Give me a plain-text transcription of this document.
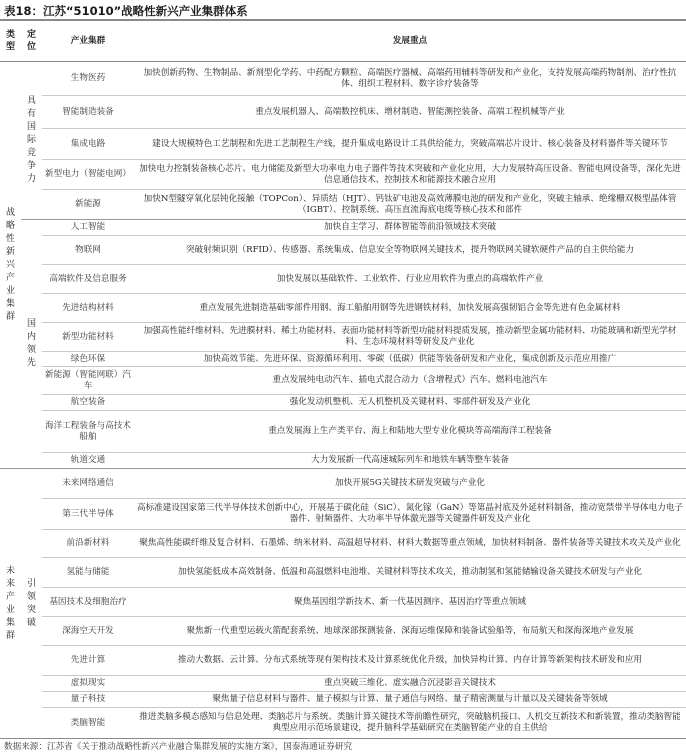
表18：江苏“51010”战略性新兴产业集群体系
类型	定位	产业集群	发展重点
战略性新兴产业集群	具有国际竞争力	生物医药	加快创新药物、生物制品、新剂型化学药、中药配方颗粒、高端医疗器械、高端药用辅料等研发和产业化，支持发展高端药物制剂、治疗性抗体、组织工程材料、数字诊疗装备等
		智能制造装备	重点发展机器人、高端数控机床、增材制造、智能测控装备、高端工程机械等产业
		集成电路	建设大规模特色工艺制程和先进工艺制程生产线，提升集成电路设计工具供给能力，突破高端芯片设计、核心装备及材料器件等关键环节
		新型电力（智能电网）	加快电力控制装备核心芯片、电力储能及新型大功率电力电子器件等技术突破和产业化应用，大力发展特高压设备、智能电网设备等，深化先进信息通信技术、控制技术和能源技术融合应用
		新能源	加快N型隧穿氧化层钝化接触（TOPCon）、异质结（HJT）、钙钛矿电池及高效薄膜电池的研发和产业化，突破主轴承、绝缘栅双极型晶体管（IGBT）、控制系统、高压直流海底电缆等核心技术和部件
	国内领先	人工智能	加快自主学习、群体智能等前沿领域技术突破
		物联网	突破射频识别（RFID）、传感器、系统集成、信息安全等物联网关键技术，提升物联网关键软硬件产品的自主供给能力
		高端软件及信息服务	加快发展以基础软件、工业软件、行业应用软件为重点的高端软件产业
		先进结构材料	重点发展先进制造基础零部件用钢、海工船舶用钢等先进钢铁材料，加快发展高强韧铝合金等先进有色金属材料
		新型功能材料	加强高性能纤维材料、先进膜材料、稀土功能材料、表面功能材料等新型功能材料提质发展，推动新型金属功能材料、功能玻璃和新型光学材料、生态环境材料等研发及产业化
		绿色环保	加快高效节能、先进环保、资源循环利用、零碳（低碳）供能等装备研发和产业化，集成创新及示范应用推广
		新能源（智能网联）汽车	重点发展纯电动汽车、插电式混合动力（含增程式）汽车、燃料电池汽车
		航空装备	强化发动机整机、无人机整机及关键材料、零部件研发及产业化
		海洋工程装备与高技术船舶	重点发展海上生产类平台、海上和陆地大型专业化模块等高端海洋工程装备
		轨道交通	大力发展新一代高速城际列车和地铁车辆等整车装备
未来产业集群	引领突破	未来网络通信	加快开展5G关键技术研发突破与产业化
		第三代半导体	高标准建设国家第三代半导体技术创新中心，开展基于碳化硅（SiC）、氮化镓（GaN）等第晶衬底及外延材料制备，推动宽禁带半导体电力电子器件、射频器件、大功率半导体激光器等关键器件研发及产业化
		前沿新材料	聚焦高性能碳纤维及复合材料、石墨烯、纳米材料、高温超导材料、材料大数据等重点领域，加快材料制备、器件装备等关键技术攻关及产业化
		氢能与储能	加快氢能低成本高效制备、低温和高温燃料电池堆、关键材料等技术攻关，推动制氢和氢能储输设备关键技术研发与产业化
		基因技术及细胞治疗	聚焦基因组学新技术、新一代基因测序、基因治疗等重点领域
		深海空天开发	聚焦新一代重型运载火箭配套系统、地球深部探测装备、深海运维保障和装备试验船等，布局航天和深海深地产业发展
		先进计算	推动大数据、云计算、分布式系统等现有架构技术及计算系统优化升级，加快异构计算、内存计算等新架构技术研发和应用
		虚拟现实	重点突破三维化、虚实融合沉浸影音关键技术
		量子科技	聚焦量子信息材料与器件、量子模拟与计算、量子通信与网络、量子精密测量与计量以及关键装备等领域
		类脑智能	推进类脑多模态感知与信息处理、类脑芯片与系统、类脑计算关键技术等前瞻性研究，突破脑机接口、人机交互新技术和新装置，推动类脑智能典型应用示范场景建设，提升脑科学基础研究在类脑智能产业的自主供给
数据来源：江苏省《关于推动战略性新兴产业融合集群发展的实施方案》，国泰海通证券研究
